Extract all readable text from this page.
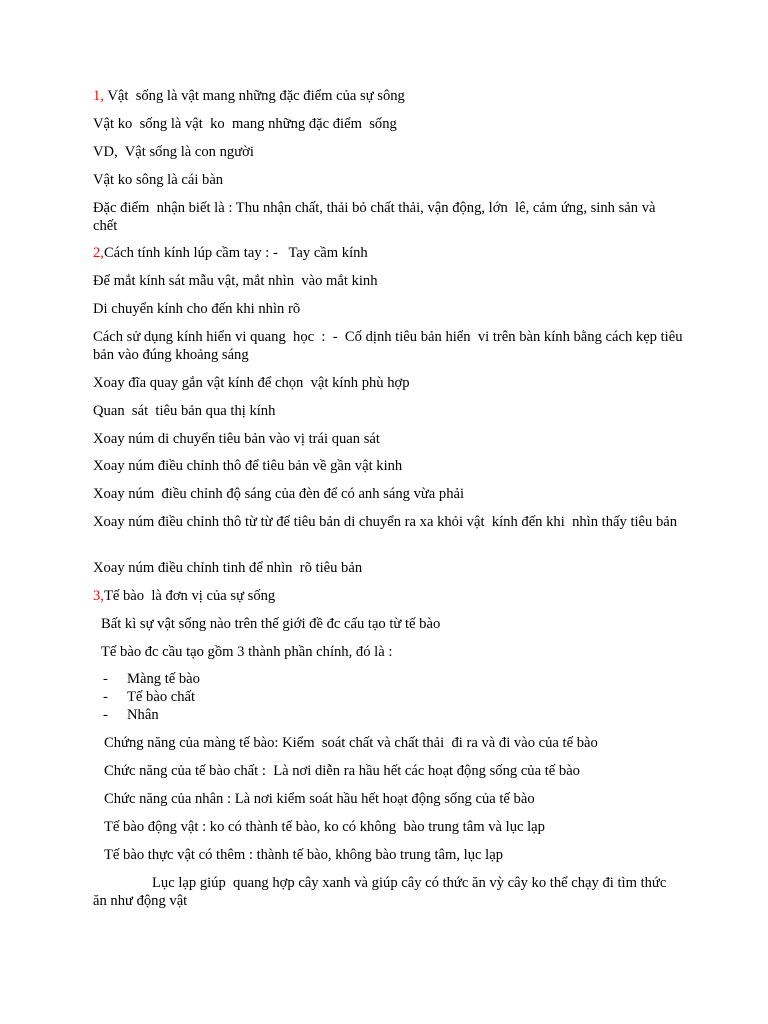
1, Vật  sống là vật mang những đặc điểm của sự sông

Vật ko  sống là vật  ko  mang những đặc điểm  sống

VD,  Vật sống là con người

Vật ko sông là cái bàn

Đặc điểm  nhận biết là : Thu nhận chất, thải bỏ chất thải, vận động, lớn  lê, cảm ứng, sinh sản và chết

2,Cách tính kính lúp cầm tay : -   Tay cầm kính

Để mắt kính sát mẫu vật, mắt nhìn  vào mắt kinh

Di chuyển kính cho đến khi nhìn rõ

Cách sử dụng kính hiển vi quang  học  :  -  Cố dịnh tiêu bản hiển  vi trên bàn kính bằng cách kẹp tiêu bản vào đúng khoảng sáng

Xoay đĩa quay gắn vật kính để chọn  vật kính phù hợp

Quan  sát  tiêu bản qua thị kính

Xoay núm di chuyển tiêu bản vào vị trái quan sát

Xoay núm điều chỉnh thô để tiêu bản về gần vật kinh

Xoay núm  điều chỉnh độ sáng của đèn để có anh sáng vừa phải

Xoay núm điều chỉnh thô từ từ để tiêu bản di chuyển ra xa khỏi vật  kính đến khi  nhìn thấy tiêu bản

Xoay núm điều chỉnh tinh để nhìn  rõ tiêu bản

3,Tế bào  là đơn vị của sự sống

Bất kì sự vật sống nào trên thế giới đề đc cấu tạo từ tế bào

Tế bào đc cầu tạo gồm 3 thành phần chính, đó là :

- Màng tế bào

- Tế bào chất

- Nhân

Chứng năng của màng tế bào: Kiểm  soát chất và chất thải  đi ra và đi vào của tế bào

Chức năng của tế bào chất :  Là nơi diễn ra hầu hết các hoạt động sống của tế bào

Chức năng của nhân : Là nơi kiểm soát hầu hết hoạt động sống của tế bào

Tế bào động vật : ko có thành tế bào, ko có không  bào trung tâm và lục lạp

Tế bào thực vật có thêm : thành tế bào, không bào trung tâm, lục lạp

Lục lạp giúp  quang hợp cây xanh và giúp cây có thức ăn vỳ cây ko thể chạy đi tìm thức ăn như động vật
